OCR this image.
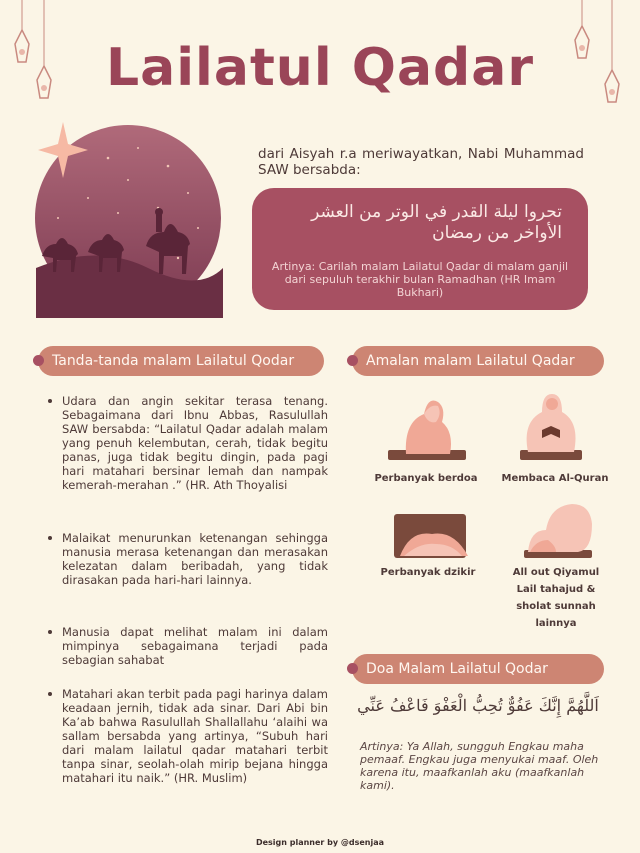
Lailatul Qadar
dari Aisyah r.a meriwayatkan, Nabi Muhammad SAW bersabda:
تحروا ليلة القدر في الوتر من العشر الأواخر من رمضان
Artinya: Carilah malam Lailatul Qadar di malam ganjil dari sepuluh terakhir bulan Ramadhan (HR Imam Bukhari)
Tanda-tanda malam Lailatul Qodar
Udara dan angin sekitar terasa tenang. Sebagaimana dari Ibnu Abbas, Rasulullah SAW bersabda: “Lailatul Qadar adalah malam yang penuh kelembutan, cerah, tidak begitu panas, juga tidak begitu dingin, pada pagi hari matahari bersinar lemah dan nampak kemerah-merahan .” (HR. Ath Thoyalisi
Malaikat menurunkan ketenangan sehingga manusia merasa ketenangan dan merasakan kelezatan dalam beribadah, yang tidak dirasakan pada hari-hari lainnya.
Manusia dapat melihat malam ini dalam mimpinya sebagaimana terjadi pada sebagian sahabat
Matahari akan terbit pada pagi harinya dalam keadaan jernih, tidak ada sinar. Dari Abi bin Ka’ab bahwa Rasulullah Shallallahu ‘alaihi wa sallam bersabda yang artinya, “Subuh hari dari malam lailatul qadar matahari terbit tanpa sinar, seolah-olah mirip bejana hingga matahari itu naik.” (HR. Muslim)
Amalan malam Lailatul Qadar
Perbanyak berdoa	Membaca Al-Quran
Perbanyak dzikir	All out Qiyamul Lail tahajud & sholat sunnah lainnya
Doa Malam Lailatul Qodar
اَللَّهُمَّ إِنَّكَ عَفُوٌّ تُحِبُّ الْعَفْوَ فَاعْفُ عَنِّي
Artinya: Ya Allah, sungguh Engkau maha pemaaf. Engkau juga menyukai maaf. Oleh karena itu, maafkanlah aku (maafkanlah kami).
Design planner by @dsenjaa
